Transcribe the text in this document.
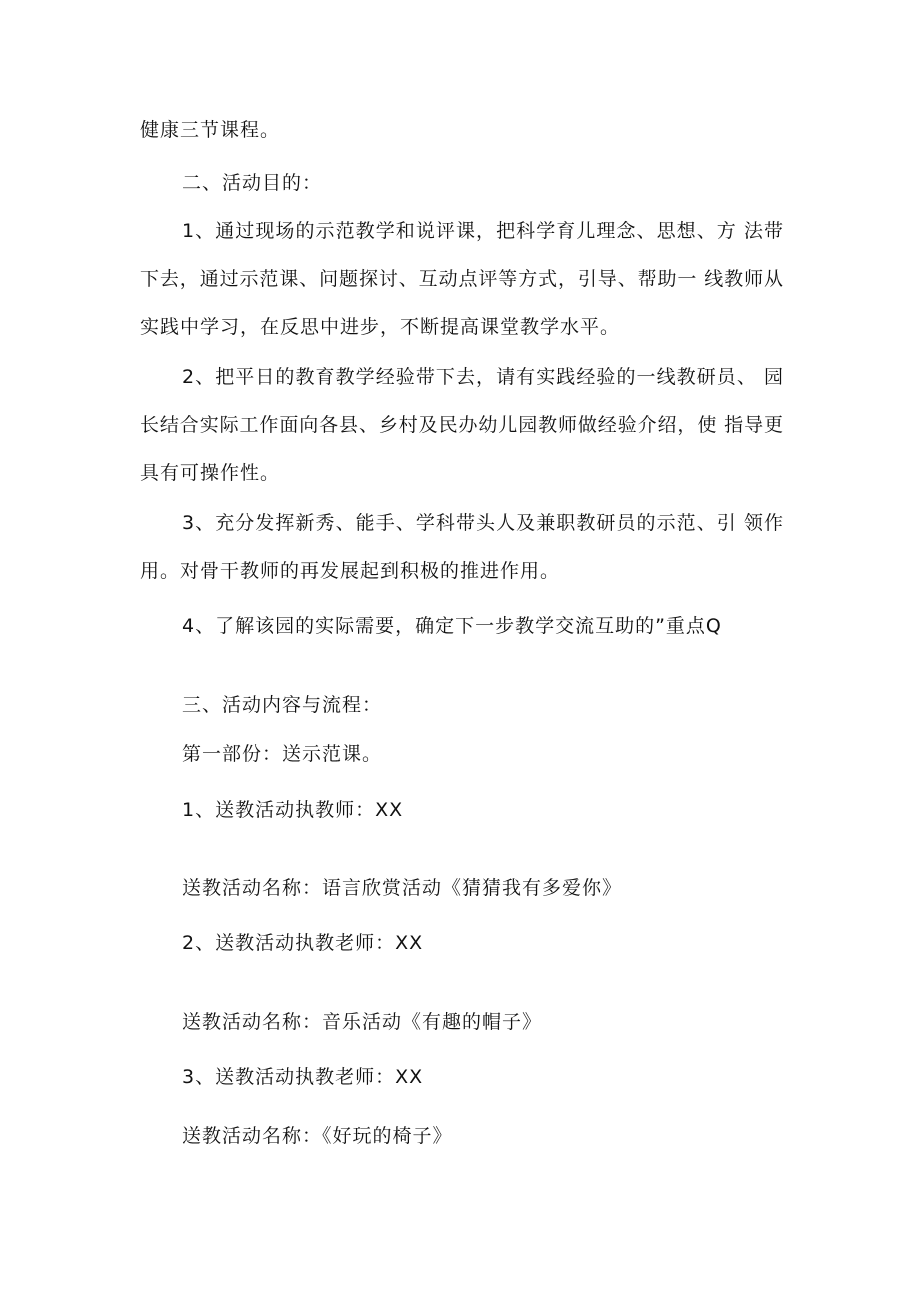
健康三节课程。
二、活动目的：
1、通过现场的示范教学和说评课，把科学育儿理念、思想、方 法带
下去，通过示范课、问题探讨、互动点评等方式，引导、帮助一 线教师从
实践中学习，在反思中进步，不断提高课堂教学水平。
2、把平日的教育教学经验带下去，请有实践经验的一线教研员、 园
长结合实际工作面向各县、乡村及民办幼儿园教师做经验介绍，使 指导更
具有可操作性。
3、充分发挥新秀、能手、学科带头人及兼职教研员的示范、引 领作
用。对骨干教师的再发展起到积极的推进作用。
4、了解该园的实际需要，确定下一步教学交流互助的”重点Q
三、活动内容与流程：
第一部份：送示范课。
1、送教活动执教师：XX
送教活动名称：语言欣赏活动《猜猜我有多爱你》
2、送教活动执教老师：XX
送教活动名称：音乐活动《有趣的帽子》
3、送教活动执教老师：XX
送教活动名称：《好玩的椅子》
